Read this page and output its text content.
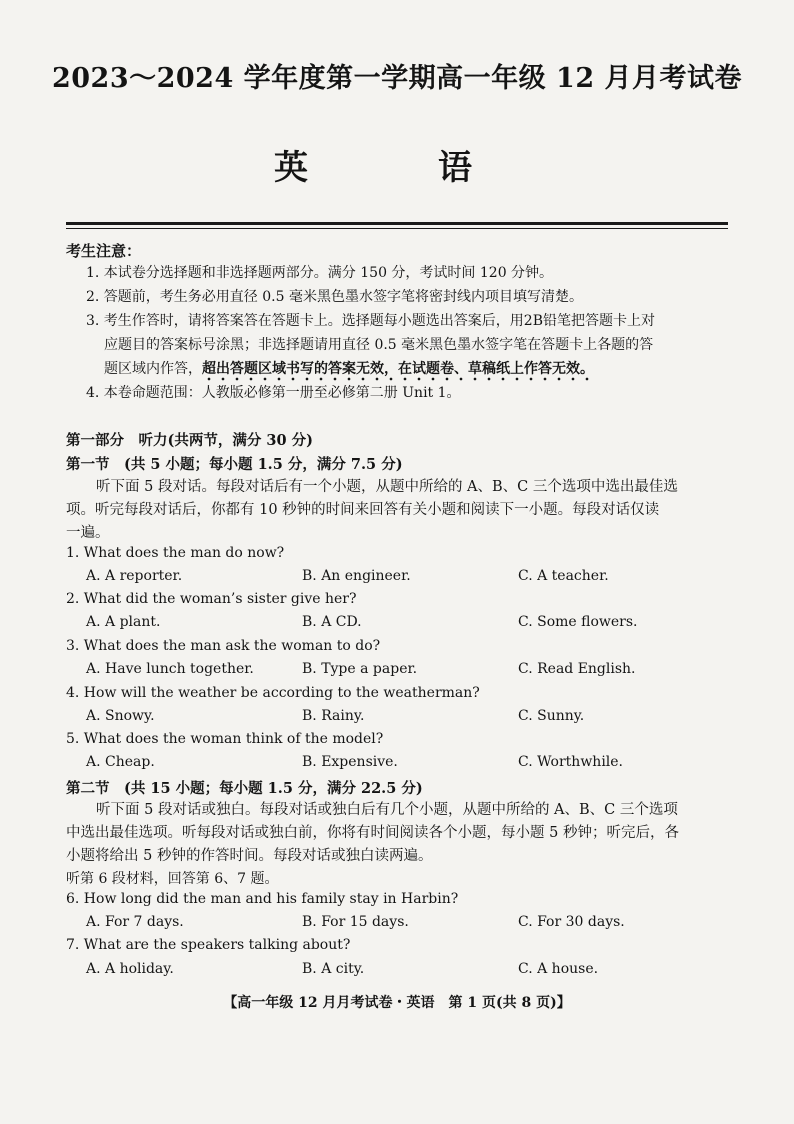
2023～2024 学年度第一学期高一年级 12 月月考试卷
英　语
考生注意：
1. 本试卷分选择题和非选择题两部分。满分 150 分，考试时间 120 分钟。
2. 答题前，考生务必用直径 0.5 毫米黑色墨水签字笔将密封线内项目填写清楚。
3. 考生作答时，请将答案答在答题卡上。选择题每小题选出答案后，用2B铅笔把答题卡上对
应题目的答案标号涂黑；非选择题请用直径 0.5 毫米黑色墨水签字笔在答题卡上各题的答
题区域内作答，超出答题区域书写的答案无效，在试题卷、草稿纸上作答无效。
4. 本卷命题范围：人教版必修第一册至必修第二册 Unit 1。
第一部分　听力(共两节，满分 30 分)
第一节　(共 5 小题；每小题 1.5 分，满分 7.5 分)
听下面 5 段对话。每段对话后有一个小题，从题中所给的 A、B、C 三个选项中选出最佳选
项。听完每段对话后，你都有 10 秒钟的时间来回答有关小题和阅读下一小题。每段对话仅读
一遍。
1. What does the man do now?
A. A reporter.	B. An engineer.	C. A teacher.
2. What did the woman’s sister give her?
A. A plant.	B. A CD.	C. Some flowers.
3. What does the man ask the woman to do?
A. Have lunch together.	B. Type a paper.	C. Read English.
4. How will the weather be according to the weatherman?
A. Snowy.	B. Rainy.	C. Sunny.
5. What does the woman think of the model?
A. Cheap.	B. Expensive.	C. Worthwhile.
第二节　(共 15 小题；每小题 1.5 分，满分 22.5 分)
听下面 5 段对话或独白。每段对话或独白后有几个小题，从题中所给的 A、B、C 三个选项
中选出最佳选项。听每段对话或独白前，你将有时间阅读各个小题，每小题 5 秒钟；听完后，各
小题将给出 5 秒钟的作答时间。每段对话或独白读两遍。
听第 6 段材料，回答第 6、7 题。
6. How long did the man and his family stay in Harbin?
A. For 7 days.	B. For 15 days.	C. For 30 days.
7. What are the speakers talking about?
A. A holiday.	B. A city.	C. A house.
【高一年级 12 月月考试卷・英语　第 1 页(共 8 页)】
